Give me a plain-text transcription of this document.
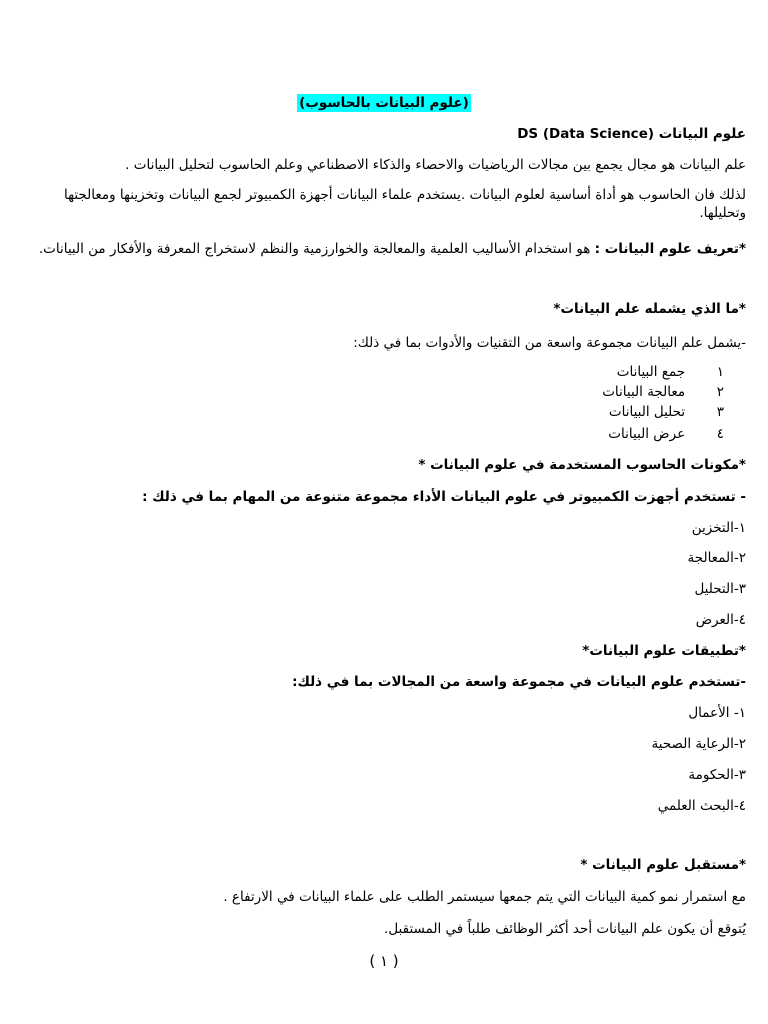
(علوم البيانات بالحاسوب)
علوم البيانات DS (Data Science)
علم البيانات هو مجال يجمع بين مجالات الرياضيات والاحصاء والذكاء الاصطناعي وعلم الحاسوب لتحليل البيانات .
لذلك فان الحاسوب هو أداة أساسية لعلوم البيانات .يستخدم علماء البيانات أجهزة الكمبيوتر لجمع البيانات وتخزينها ومعالجتها وتحليلها.
*تعريف علوم البيانات : هو استخدام الأساليب العلمية والمعالجة والخوارزمية والنظم لاستخراج المعرفة والأفكار من البيانات.
*ما الذي يشمله علم البيانات*
-يشمل علم البيانات مجموعة واسعة من التقنيات والأدوات بما في ذلك:
١   جمع البيانات
٢   معالجة البيانات
٣   تحليل البيانات
٤   عرض البيانات
*مكونات الحاسوب المستخدمة في علوم البيانات *
- تستخدم أجهزت الكمبيوتر في علوم البيانات الأداء مجموعة متنوعة من المهام بما في ذلك :
١-التخزين
٢-المعالجة
٣-التحليل
٤-العرض
*تطبيقات علوم البيانات*
-تستخدم علوم البيانات في مجموعة واسعة من المجالات بما في ذلك:
١- الأعمال
٢-الرعاية الصحية
٣-الحكومة
٤-البحث العلمي
*مستقبل علوم البيانات *
مع استمرار نمو كمية البيانات التي يتم جمعها سيستمر الطلب على علماء البيانات في الارتفاع .
يُتوقع أن يكون علم البيانات أحد أكثر الوظائف طلباً في المستقبل.
( ١ )
